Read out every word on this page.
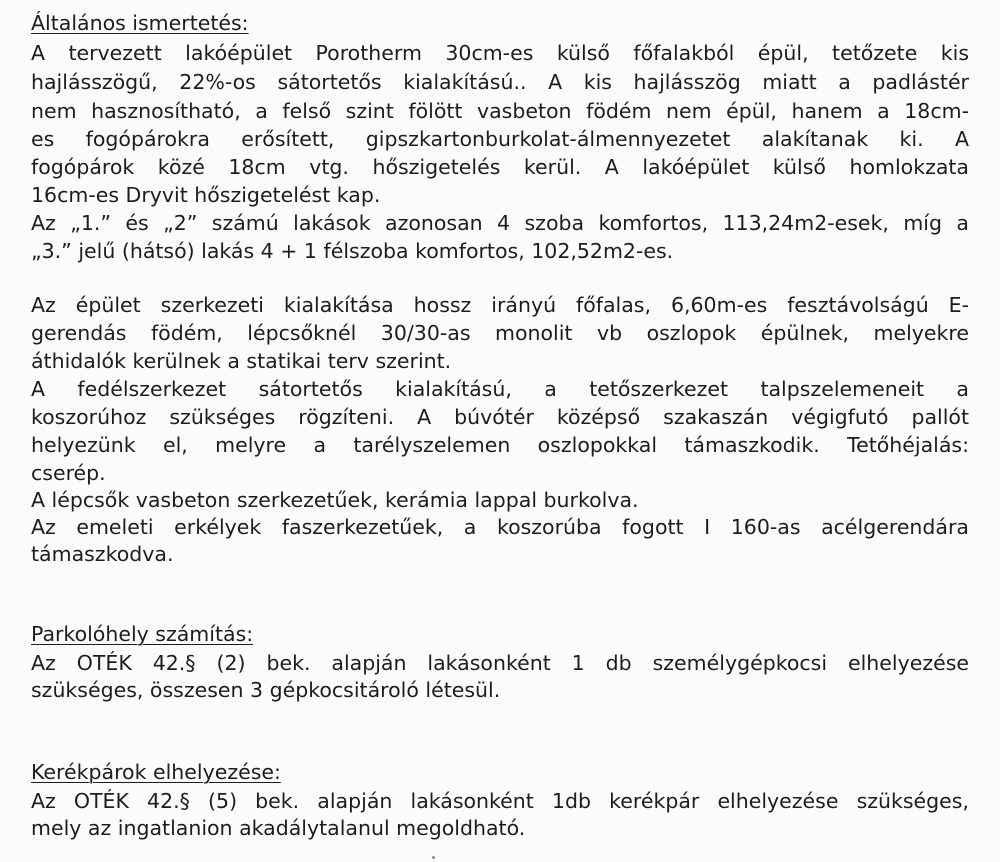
Általános ismertetés:

A tervezett lakóépület Porotherm 30cm-es külső főfalakból épül, tetőzete kis

hajlásszögű, 22%-os sátortetős kialakítású.. A kis hajlásszög miatt a padlástér

nem hasznosítható, a felső szint fölött vasbeton födém nem épül, hanem a 18cm-

es fogópárokra erősített, gipszkartonburkolat-álmennyezetet alakítanak ki. A

fogópárok közé 18cm vtg. hőszigetelés kerül. A lakóépület külső homlokzata

16cm-es Dryvit hőszigetelést kap.

Az „1.” és „2” számú lakások azonosan 4 szoba komfortos, 113,24m2-esek, míg a

„3.” jelű (hátsó) lakás 4 + 1 félszoba komfortos, 102,52m2-es.

Az épület szerkezeti kialakítása hossz irányú főfalas, 6,60m-es fesztávolságú E-

gerendás födém, lépcsőknél 30/30-as monolit vb oszlopok épülnek, melyekre

áthidalók kerülnek a statikai terv szerint.

A fedélszerkezet sátortetős kialakítású, a tetőszerkezet talpszelemeneit a

koszorúhoz szükséges rögzíteni. A búvótér középső szakaszán végigfutó pallót

helyezünk el, melyre a tarélyszelemen oszlopokkal támaszkodik. Tetőhéjalás:

cserép.

A lépcsők vasbeton szerkezetűek, kerámia lappal burkolva.

Az emeleti erkélyek faszerkezetűek, a koszorúba fogott I 160-as acélgerendára

támaszkodva.

Parkolóhely számítás:

Az OTÉK 42.§ (2) bek. alapján lakásonként 1 db személygépkocsi elhelyezése

szükséges, összesen 3 gépkocsitároló létesül.

Kerékpárok elhelyezése:

Az OTÉK 42.§ (5) bek. alapján lakásonként 1db kerékpár elhelyezése szükséges,

mely az ingatlanion akadálytalanul megoldható.
